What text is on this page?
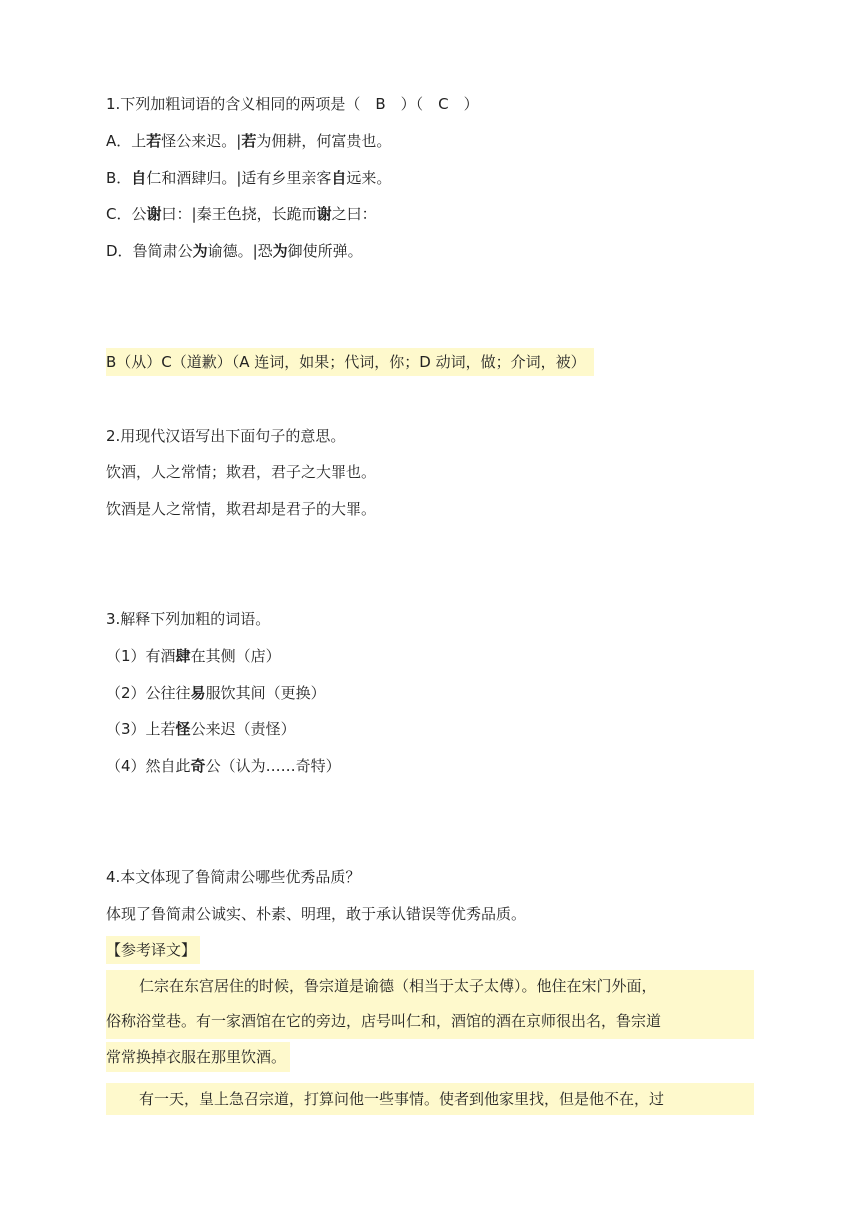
1.下列加粗词语的含义相同的两项是（　B　）（　C　）
A．上若怪公来迟。|若为佣耕，何富贵也。
B．自仁和酒肆归。|适有乡里亲客自远来。
C．公谢曰：|秦王色挠，长跪而谢之曰：
D．鲁简肃公为谕德。|恐为御使所弹。
B（从）C（道歉）（A 连词，如果；代词，你；D 动词，做；介词，被）
2.用现代汉语写出下面句子的意思。
饮酒，人之常情；欺君，君子之大罪也。
饮酒是人之常情，欺君却是君子的大罪。
3.解释下列加粗的词语。
（1）有酒肆在其侧（店）
（2）公往往易服饮其间（更换）
（3）上若怪公来迟（责怪）
（4）然自此奇公（认为……奇特）
4.本文体现了鲁简肃公哪些优秀品质？
体现了鲁简肃公诚实、朴素、明理，敢于承认错误等优秀品质。
【参考译文】
仁宗在东宫居住的时候，鲁宗道是谕德（相当于太子太傅）。他住在宋门外面，
俗称浴堂巷。有一家酒馆在它的旁边，店号叫仁和，酒馆的酒在京师很出名，鲁宗道
常常换掉衣服在那里饮酒。
有一天，皇上急召宗道，打算问他一些事情。使者到他家里找，但是他不在，过
